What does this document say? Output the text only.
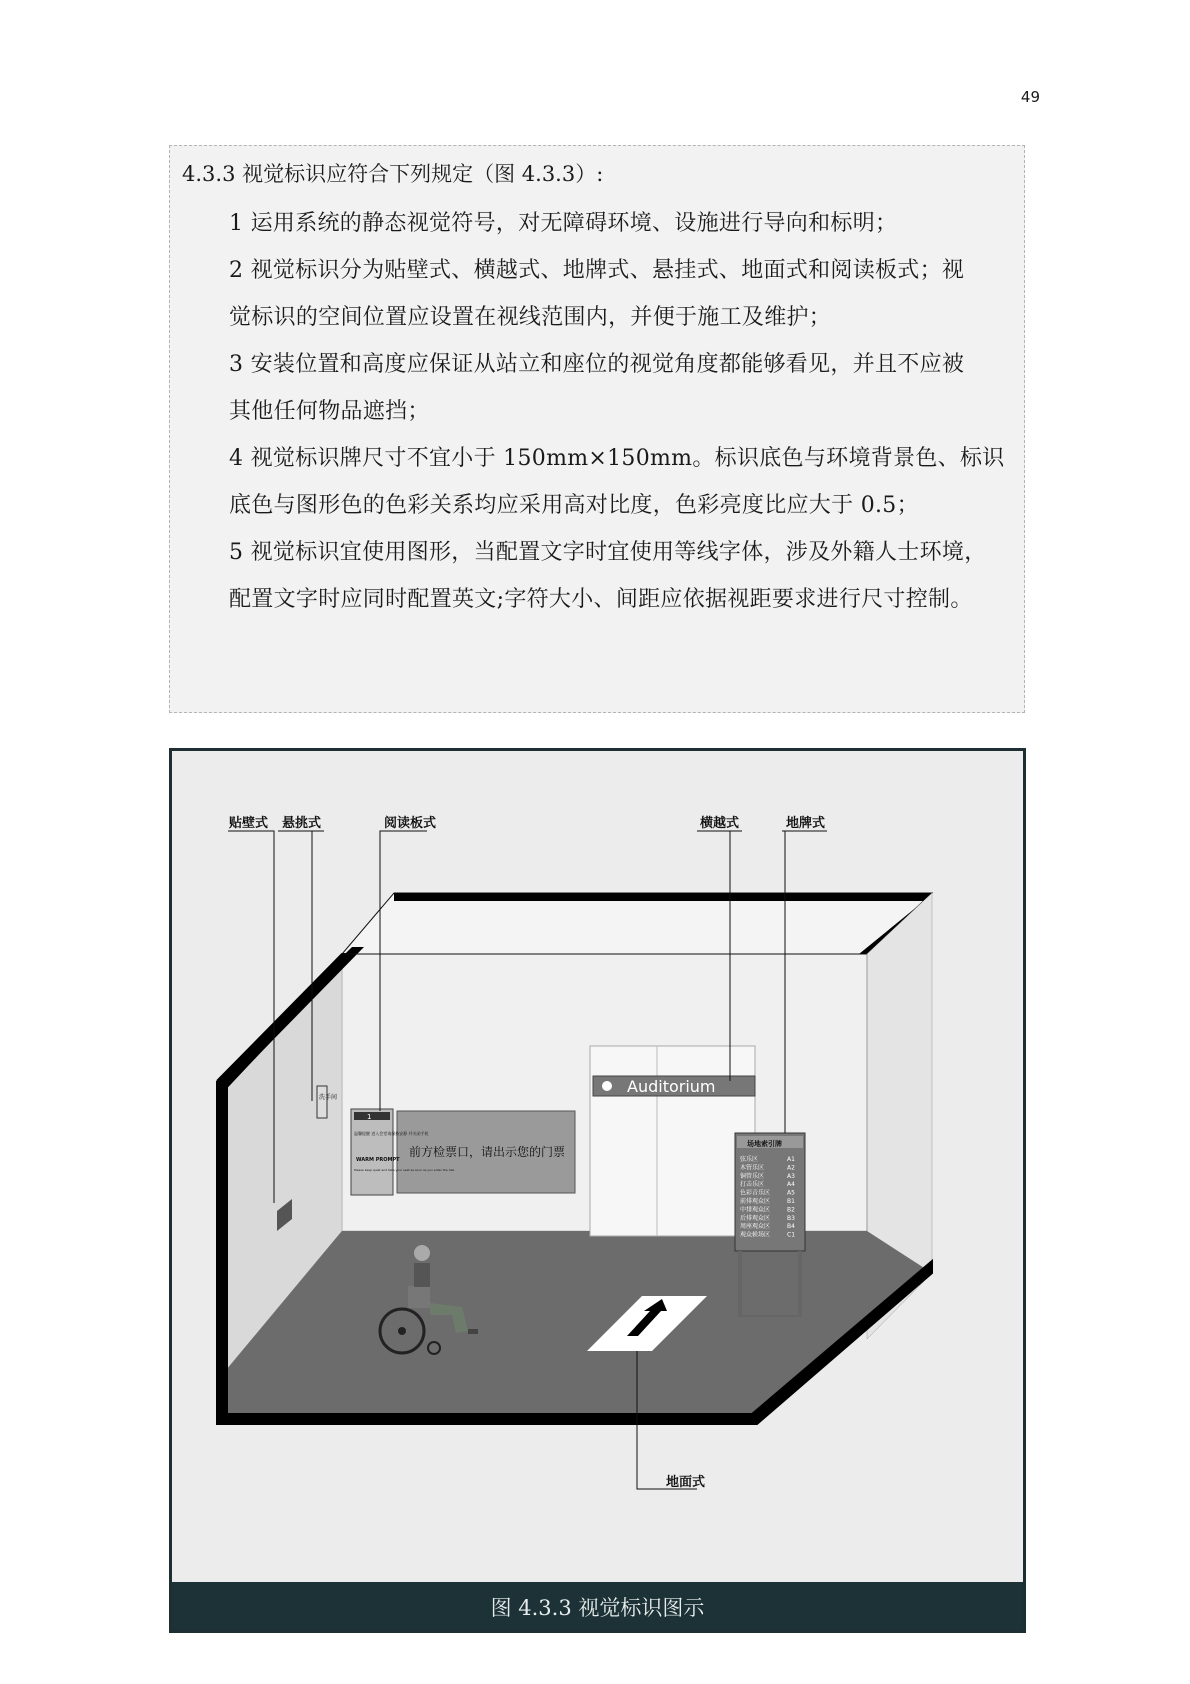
49
4.3.3 视觉标识应符合下列规定（图 4.3.3）:
1 运用系统的静态视觉符号，对无障碍环境、设施进行导向和标明；
2 视觉标识分为贴壁式、横越式、地牌式、悬挂式、地面式和阅读板式；视
觉标识的空间位置应设置在视线范围内，并便于施工及维护；
3 安装位置和高度应保证从站立和座位的视觉角度都能够看见，并且不应被
其他任何物品遮挡；
4 视觉标识牌尺寸不宜小于 150mm×150mm。标识底色与环境背景色、标识
底色与图形色的色彩关系均应采用高对比度，色彩亮度比应大于 0.5；
5 视觉标识宜使用图形，当配置文字时宜使用等线字体，涉及外籍人士环境，
配置文字时应同时配置英文;字符大小、间距应依据视距要求进行尺寸控制。
Auditorium
前方检票口，请出示您的门票
1
温馨提醒 进入会堂请保持安静 并关闭手机
WARM PROMPT
Please keep quiet and take your seat as soon as you enter the hall.
洗手间
场地索引牌
弦乐区	A1
木管乐区	A2
铜管乐区	A3
打击乐区	A4
色彩音乐区	A5
前排观众区	B1
中排观众区	B2
后排观众区	B3
周座观众区	B4
观众候场区	C1
贴壁式 悬挑式	阅读板式	横越式	地牌式
地面式
图 4.3.3 视觉标识图示
